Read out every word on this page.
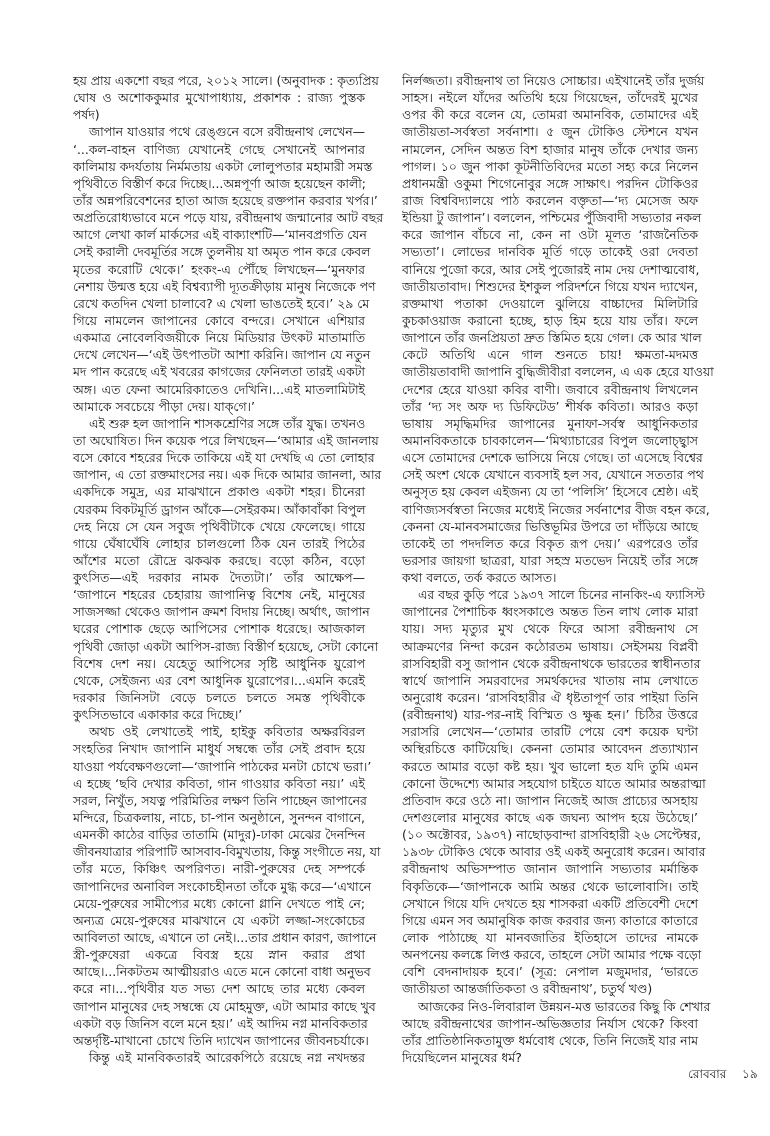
হয় প্রায় একশো বছর পরে, ২০১২ সালে। (অনুবাদক : কৃত্যপ্রিয়
ঘোষ ও অশোককুমার মুখোপাধ্যায়, প্রকাশক : রাজ্য পুস্তক
পর্ষদ)
জাপান যাওয়ার পথে রেঙ্গুনে বসে রবীন্দ্রনাথ লেখেন—
‘...কল-বাহন বাণিজ্য যেখানেই গেছে সেখানেই আপনার
কালিমায় কদর্যতায় নির্মমতায় একটা লোলুপতার মহামারী সমস্ত
পৃথিবীতে বিস্তীর্ণ করে দিচ্ছে।...অন্নপূর্ণা আজ হয়েছেন কালী;
তাঁর অন্নপরিবেশনের হাতা আজ হয়েছে রক্তপান করবার খর্পর।’
অপ্রতিরোধ্যভাবে মনে পড়ে যায়, রবীন্দ্রনাথ জন্মানোর আট বছর
আগে লেখা কার্ল মার্কসের এই বাক্যাংশটি—‘মানবপ্রগতি যেন
সেই করালী দেবমূর্তির সঙ্গে তুলনীয় যা অমৃত পান করে কেবল
মৃতের করোটি থেকে।’ হংকং-এ পৌঁছে লিখছেন—‘মুনফার
নেশায় উন্মত্ত হয়ে এই বিশ্বব্যাপী দ্যূতক্রীড়ায় মানুষ নিজেকে পণ
রেখে কতদিন খেলা চালাবে? এ খেলা ভাঙতেই হবে।’ ২৯ মে
গিয়ে নামলেন জাপানের কোবে বন্দরে। সেখানে এশিয়ার
একমাত্র নোবেলবিজয়ীকে নিয়ে মিডিয়ার উৎকট মাতামাতি
দেখে লেখেন—‘এই উৎপাতটা আশা করিনি। জাপান যে নতুন
মদ পান করেছে এই খবরের কাগজের ফেনিলতা তারই একটা
অঙ্গ। এত ফেনা আমেরিকাতেও দেখিনি।...এই মাতলামিটাই
আমাকে সবচেয়ে পীড়া দেয়। যাক্‌গে।’
এই শুরু হল জাপানি শাসকশ্রেণির সঙ্গে তাঁর যুদ্ধ। তখনও
তা অঘোষিত। দিন কয়েক পরে লিখছেন—‘আমার এই জানলায়
বসে কোবে শহরের দিকে তাকিয়ে এই যা দেখছি এ তো লোহার
জাপান, এ তো রক্তমাংসের নয়। এক দিকে আমার জানলা, আর
একদিকে সমুদ্র, এর মাঝখানে প্রকাণ্ড একটা শহর। চীনেরা
যেরকম বিকটমূর্তি ড্রাগন আঁকে—সেইরকম। আঁকাবাঁকা বিপুল
দেহ নিয়ে সে যেন সবুজ পৃথিবীটাকে খেয়ে ফেলেছে। গায়ে
গায়ে ঘেঁষাঘেঁষি লোহার চালগুলো ঠিক যেন তারই পিঠের
আঁশের মতো রৌদ্রে ঝকঝক করছে। বড়ো কঠিন, বড়ো
কুৎসিত—এই দরকার নামক দৈত্যটা।’ তাঁর আক্ষেপ—
‘জাপানে শহরের চেহারায় জাপানিত্ব বিশেষ নেই, মানুষের
সাজসজ্জা থেকেও জাপান ক্রমশ বিদায় নিচ্ছে। অর্থাৎ, জাপান
ঘরের পোশাক ছেড়ে আপিসের পোশাক ধরেছে। আজকাল
পৃথিবী জোড়া একটা আপিস-রাজ্য বিস্তীর্ণ হয়েছে, সেটা কোনো
বিশেষ দেশ নয়। যেহেতু আপিসের সৃষ্টি আধুনিক য়ুরোপ
থেকে, সেইজন্য এর বেশ আধুনিক য়ুরোপের।...এমনি করেই
দরকার জিনিসটা বেড়ে চলতে চলতে সমস্ত পৃথিবীকে
কুৎসিতভাবে একাকার করে দিচ্ছে।’
অথচ ওই লেখাতেই পাই, হাইকু কবিতার অক্ষরবিরল
সংহতির নিখাদ জাপানি মাধুর্য সম্বন্ধে তাঁর সেই প্রবাদ হয়ে
যাওয়া পর্যবেক্ষণগুলো—‘জাপানি পাঠকের মনটা চোখে ভরা।’
এ হচ্ছে ‘ছবি দেখার কবিতা, গান গাওয়ার কবিতা নয়।’ এই
সরল, নিখুঁত, সযত্ন পরিমিতির লক্ষণ তিনি পাচ্ছেন জাপানের
মন্দিরে, চিত্রকলায়, নাচে, চা-পান অনুষ্ঠানে, সুনন্দন বাগানে,
এমনকী কাঠের বাড়ির তাতামি (মাদুর)-ঢাকা মেঝের দৈনন্দিন
জীবনযাত্রার পরিপাটি আসবাব-বিমুখতায়, কিন্তু সংগীতে নয়, যা
তাঁর মতে, কিঞ্চিৎ অপরিণত। নারী-পুরুষের দেহ সম্পর্কে
জাপানিদের অনাবিল সংকোচহীনতা তাঁকে মুগ্ধ করে—‘এখানে
মেয়ে-পুরুষের সামীপ্যের মধ্যে কোনো গ্লানি দেখতে পাই নে;
অন্যত্র মেয়ে-পুরুষের মাঝখানে যে একটা লজ্জা-সংকোচের
আবিলতা আছে, এখানে তা নেই।...তার প্রধান কারণ, জাপানে
স্ত্রী-পুরুষেরা একত্রে বিবস্ত্র হয়ে স্নান করার প্রথা
আছে।...নিকটতম আত্মীয়রাও এতে মনে কোনো বাধা অনুভব
করে না।...পৃথিবীর যত সভ্য দেশ আছে তার মধ্যে কেবল
জাপান মানুষের দেহ সম্বন্ধে যে মোহমুক্ত, এটা আমার কাছে খুব
একটা বড় জিনিস বলে মনে হয়।’ এই আদিম নগ্ন মানবিকতার
অন্তর্দৃষ্টি-মাখানো চোখে তিনি দ্যাখেন জাপানের জীবনচর্যাকে।
কিন্তু এই মানবিকতারই আরেকপিঠে রয়েছে নগ্ন নখদন্তর
নির্লজ্জতা। রবীন্দ্রনাথ তা নিয়েও সোচ্চার। এইখানেই তাঁর দুর্জয়
সাহস। নইলে যাঁদের অতিথি হয়ে গিয়েছেন, তাঁদেরই মুখের
ওপর কী করে বলেন যে, তোমরা অমানবিক, তোমাদের এই
জাতীয়তা-সর্বস্বতা সর্বনাশা। ৫ জুন টোকিও স্টেশনে যখন
নামলেন, সেদিন অন্তত বিশ হাজার মানুষ তাঁকে দেখার জন্য
পাগল। ১০ জুন পাকা কূটনীতিবিদের মতো সহ্য করে নিলেন
প্রধানমন্ত্রী ওকুমা শিগেনোবুর সঙ্গে সাক্ষাৎ। পরদিন টোকিওর
রাজ বিশ্ববিদ্যালয়ে পাঠ করলেন বক্তৃতা—‘দ্য মেসেজ অফ
ইন্ডিয়া টু জাপান’। বললেন, পশ্চিমের পুঁজিবাদী সভ্যতার নকল
করে জাপান বাঁচবে না, কেন না ওটা মূলত ‘রাজনৈতিক
সভ্যতা’। লোভের দানবিক মূর্তি গড়ে তাকেই ওরা দেবতা
বানিয়ে পুজো করে, আর সেই পুজোরই নাম দেয় দেশাত্মবোধ,
জাতীয়তাবাদ। শিশুদের ইশকুল পরিদর্শনে গিয়ে যখন দ্যাখেন,
রক্তমাখা পতাকা দেওয়ালে ঝুলিয়ে বাচ্চাদের মিলিটারি
কুচকাওয়াজ করানো হচ্ছে, হাড় হিম হয়ে যায় তাঁর। ফলে
জাপানে তাঁর জনপ্রিয়তা দ্রুত স্তিমিত হয়ে গেল। কে আর খাল
কেটে অতিথি এনে গাল শুনতে চায়! ক্ষমতা-মদমত্ত
জাতীয়তাবাদী জাপানি বুদ্ধিজীবীরা বললেন, এ এক হেরে যাওয়া
দেশের হেরে যাওয়া কবির বাণী। জবাবে রবীন্দ্রনাথ লিখলেন
তাঁর ‘দ্য সং অফ দ্য ডিফিটেড’ শীর্ষক কবিতা। আরও কড়া
ভাষায় সমৃদ্ধিমদির জাপানের মুনাফা-সর্বস্ব আধুনিকতার
অমানবিকতাকে চাবকালেন—‘মিথ্যাচারের বিপুল জলোচ্ছ্বাস
এসে তোমাদের দেশকে ভাসিয়ে নিয়ে গেছে। তা এসেছে বিশ্বের
সেই অংশ থেকে যেখানে ব্যবসাই হল সব, যেখানে সততার পথ
অনুসৃত হয় কেবল এইজন্য যে তা ‘পলিসি’ হিসেবে শ্রেষ্ঠ। এই
বাণিজ্যসর্বস্বতা নিজের মধ্যেই নিজের সর্বনাশের বীজ বহন করে,
কেননা যে-মানবসমাজের ভিত্তিভূমির উপরে তা দাঁড়িয়ে আছে
তাকেই তা পদদলিত করে বিকৃত রূপ দেয়।’ এরপরেও তাঁর
ভরসার জায়গা ছাত্ররা, যারা সহস্র মতভেদ নিয়েই তাঁর সঙ্গে
কথা বলতে, তর্ক করতে আসত।
এর বছর কুড়ি পরে ১৯৩৭ সালে চিনের নানকিং-এ ফ্যাসিস্ট
জাপানের পৈশাচিক ধ্বংসকাণ্ডে অন্তত তিন লাখ লোক মারা
যায়। সদ্য মৃত্যুর মুখ থেকে ফিরে আসা রবীন্দ্রনাথ সে
আক্রমণের নিন্দা করেন কঠোরতম ভাষায়। সেইসময় বিপ্লবী
রাসবিহারী বসু জাপান থেকে রবীন্দ্রনাথকে ভারতের স্বাধীনতার
স্বার্থে জাপানি সমরবাদের সমর্থকদের খাতায় নাম লেখাতে
অনুরোধ করেন। ‘রাসবিহারীর ঐ ধৃষ্টতাপূর্ণ তার পাইয়া তিনি
(রবীন্দ্রনাথ) যার-পর-নাই বিস্মিত ও ক্ষুব্ধ হন।’ চিঠির উত্তরে
সরাসরি লেখেন—‘তোমার তারটি পেয়ে বেশ কয়েক ঘণ্টা
অস্থিরচিত্তে কাটিয়েছি। কেননা তোমার আবেদন প্রত্যাখ্যান
করতে আমার বড়ো কষ্ট হয়। খুব ভালো হত যদি তুমি এমন
কোনো উদ্দেশ্যে আমার সহযোগ চাইতে যাতে আমার অন্তরাত্মা
প্রতিবাদ করে ওঠে না। জাপান নিজেই আজ প্রাচ্যের অসহায়
দেশগুলোর মানুষের কাছে এক জঘন্য আপদ হয়ে উঠেছে।’
(১০ অক্টোবর, ১৯৩৭) নাছোড়বান্দা রাসবিহারী ২৬ সেপ্টেম্বর,
১৯৩৮ টোকিও থেকে আবার ওই একই অনুরোধ করেন। আবার
রবীন্দ্রনাথ অভিসম্পাত জানান জাপানি সভ্যতার মর্মান্তিক
বিকৃতিকে—‘জাপানকে আমি অন্তর থেকে ভালোবাসি। তাই
সেখানে গিয়ে যদি দেখতে হয় শাসকরা একটি প্রতিবেশী দেশে
গিয়ে এমন সব অমানুষিক কাজ করবার জন্য কাতারে কাতারে
লোক পাঠাচ্ছে যা মানবজাতির ইতিহাসে তাদের নামকে
অনপনেয় কলঙ্কে লিপ্ত করবে, তাহলে সেটা আমার পক্ষে বড়ো
বেশি বেদনাদায়ক হবে।’ (সূত্র: নেপাল মজুমদার, ‘ভারতে
জাতীয়তা আন্তর্জাতিকতা ও রবীন্দ্রনাথ’, চতুর্থ খণ্ড)
আজকের নিও-লিবারাল উন্নয়ন-মত্ত ভারতের কিছু কি শেখার
আছে রবীন্দ্রনাথের জাপান-অভিজ্ঞতার নির্যাস থেকে? কিংবা
তাঁর প্রাতিষ্ঠানিকতামুক্ত ধর্মবোধ থেকে, তিনি নিজেই যার নাম
দিয়েছিলেন মানুষের ধর্ম?
রোববার ১৯
